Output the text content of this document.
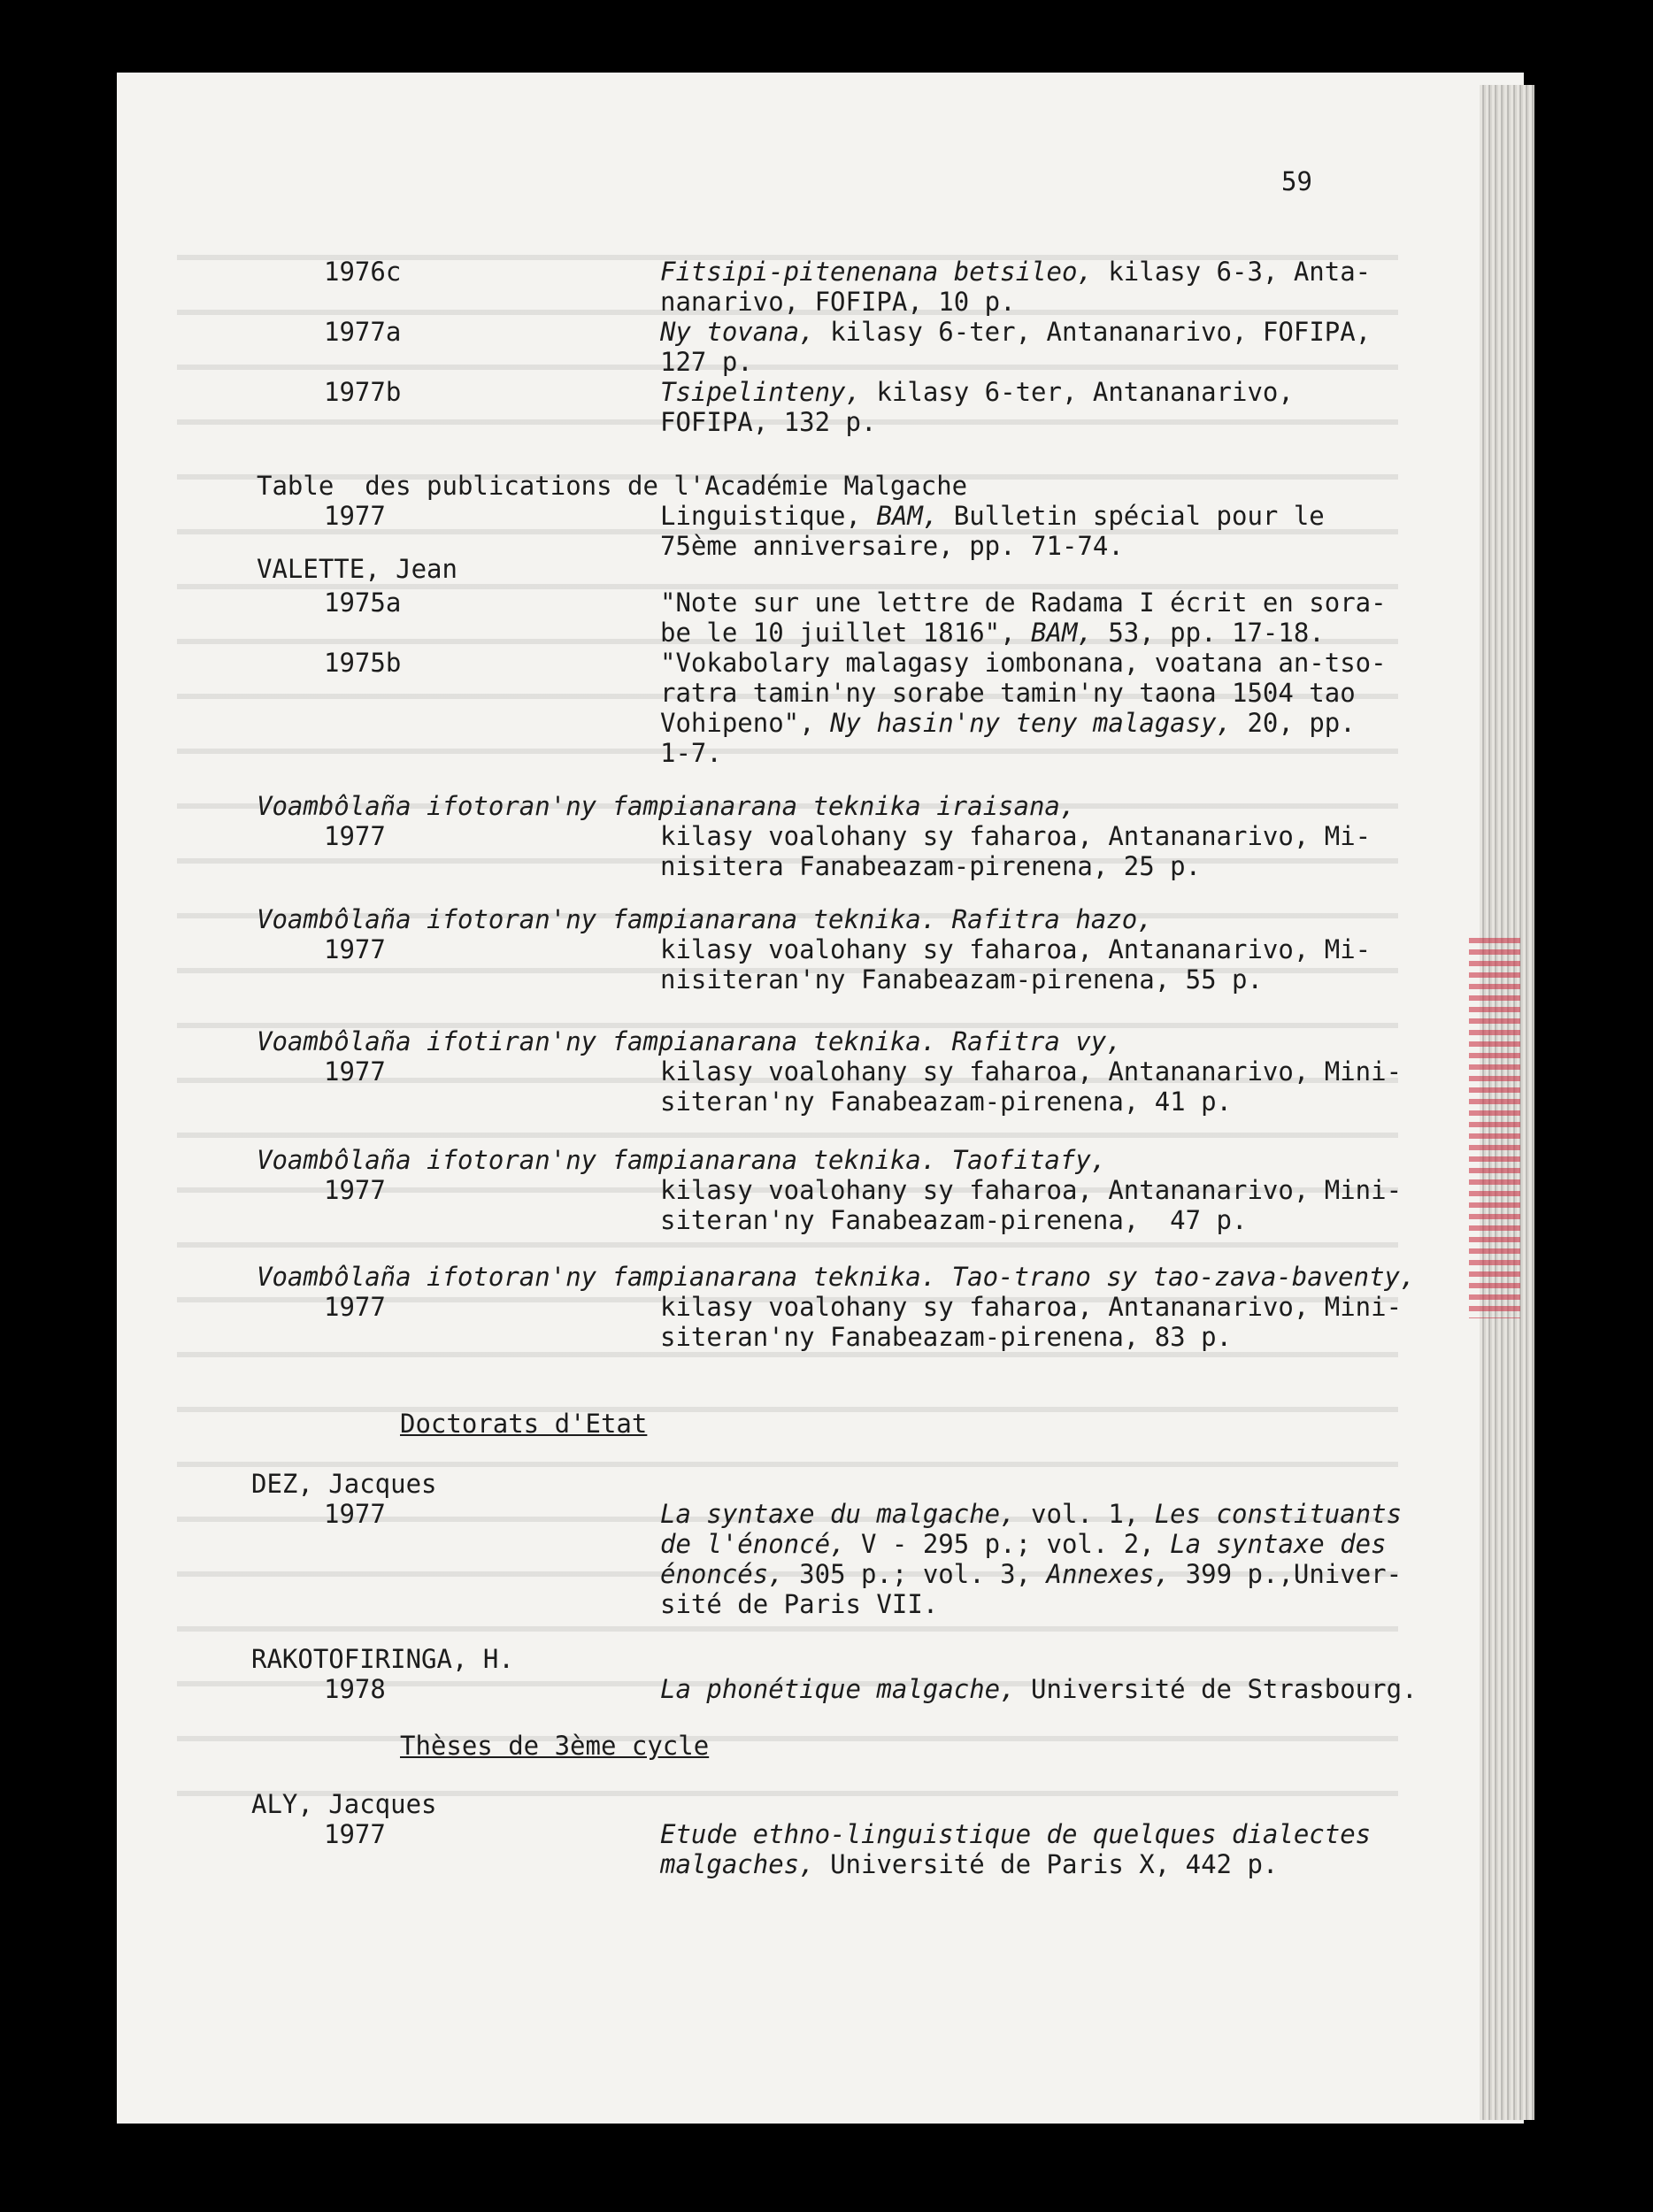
59
1976c	Fitsipi-pitenenana betsileo, kilasy 6-3, Anta-
nanarivo, FOFIPA, 10 p.
1977a	Ny tovana, kilasy 6-ter, Antananarivo, FOFIPA,
127 p.
1977b	Tsipelinteny, kilasy 6-ter, Antananarivo,
FOFIPA, 132 p.
Table  des publications de l'Académie Malgache
1977	Linguistique, BAM, Bulletin spécial pour le
75ème anniversaire, pp. 71-74.
VALETTE, Jean
1975a	"Note sur une lettre de Radama I écrit en sora-
be le 10 juillet 1816", BAM, 53, pp. 17-18.
1975b	"Vokabolary malagasy iombonana, voatana an-tso-
ratra tamin'ny sorabe tamin'ny taona 1504 tao
Vohipeno", Ny hasin'ny teny malagasy, 20, pp.
1-7.
Voambôlaña ifotoran'ny fampianarana teknika iraisana,
1977	kilasy voalohany sy faharoa, Antananarivo, Mi-
nisitera Fanabeazam-pirenena, 25 p.
Voambôlaña ifotoran'ny fampianarana teknika. Rafitra hazo,
1977	kilasy voalohany sy faharoa, Antananarivo, Mi-
nisiteran'ny Fanabeazam-pirenena, 55 p.
Voambôlaña ifotiran'ny fampianarana teknika. Rafitra vy,
1977	kilasy voalohany sy faharoa, Antananarivo, Mini-
siteran'ny Fanabeazam-pirenena, 41 p.
Voambôlaña ifotoran'ny fampianarana teknika. Taofitafy,
1977	kilasy voalohany sy faharoa, Antananarivo, Mini-
siteran'ny Fanabeazam-pirenena,  47 p.
Voambôlaña ifotoran'ny fampianarana teknika. Tao-trano sy tao-zava-baventy,
1977	kilasy voalohany sy faharoa, Antananarivo, Mini-
siteran'ny Fanabeazam-pirenena, 83 p.
Doctorats d'Etat
DEZ, Jacques
1977	La syntaxe du malgache, vol. 1, Les constituants
de l'énoncé, V - 295 p.; vol. 2, La syntaxe des
énoncés, 305 p.; vol. 3, Annexes, 399 p.,Univer-
sité de Paris VII.
RAKOTOFIRINGA, H.
1978	La phonétique malgache, Université de Strasbourg.
Thèses de 3ème cycle
ALY, Jacques
1977	Etude ethno-linguistique de quelques dialectes
malgaches, Université de Paris X, 442 p.
